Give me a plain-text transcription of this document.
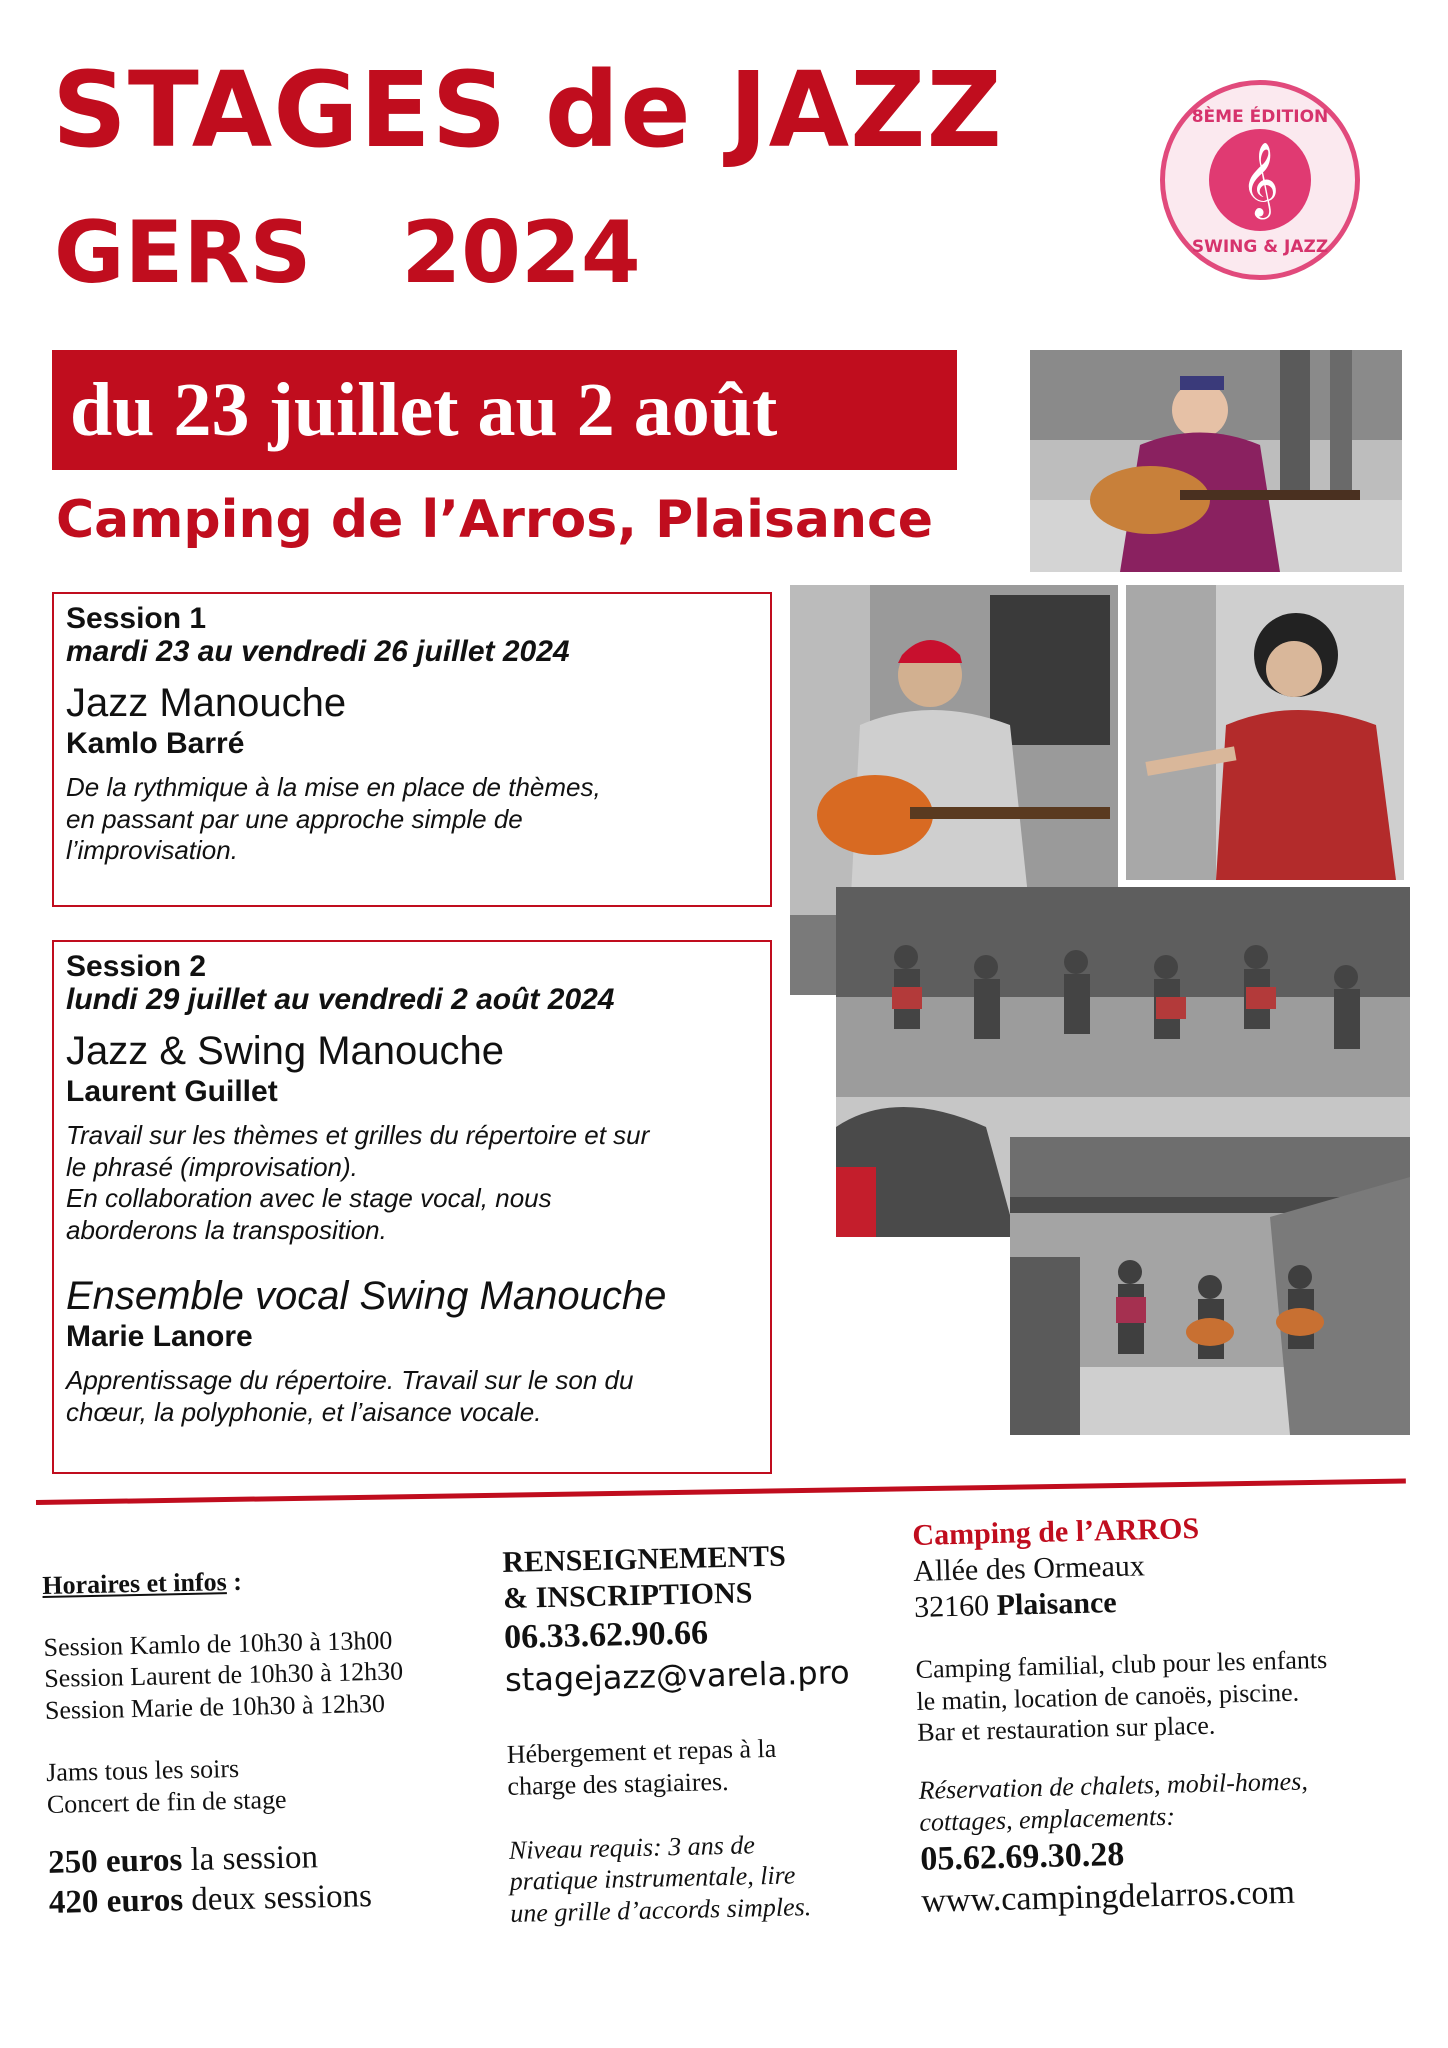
STAGES de JAZZ
GERS   2024
du 23 juillet au 2 août
Camping de l’Arros, Plaisance
8ÈME ÉDITION
𝄞
SWING & JAZZ
Session 1
mardi 23 au vendredi 26 juillet 2024
Jazz Manouche
Kamlo Barré
De la rythmique à la mise en place de thèmes,
en passant par une approche simple de
l’improvisation.
Session 2
lundi 29 juillet au vendredi 2 août 2024
Jazz & Swing Manouche
Laurent Guillet
Travail sur les thèmes et grilles du répertoire et sur
le phrasé (improvisation).
En collaboration avec le stage vocal, nous
aborderons la transposition.
Ensemble vocal Swing Manouche
Marie Lanore
Apprentissage du répertoire. Travail sur le son du
chœur, la polyphonie, et l’aisance vocale.
Horaires et infos :
Session Kamlo de 10h30 à 13h00
Session Laurent de 10h30 à 12h30
Session Marie de 10h30 à 12h30
Jams tous les soirs
Concert de fin de stage
250 euros la session
420 euros deux sessions
RENSEIGNEMENTS
& INSCRIPTIONS
06.33.62.90.66
stagejazz@varela.pro
Hébergement et repas à la
charge des stagiaires.
Niveau requis: 3 ans de
pratique instrumentale, lire
une grille d’accords simples.
Camping de l’ARROS
Allée des Ormeaux
32160 Plaisance
Camping familial, club pour les enfants
le matin, location de canoës, piscine.
Bar et restauration sur place.
Réservation de chalets, mobil-homes,
cottages, emplacements:
05.62.69.30.28
www.campingdelarros.com
